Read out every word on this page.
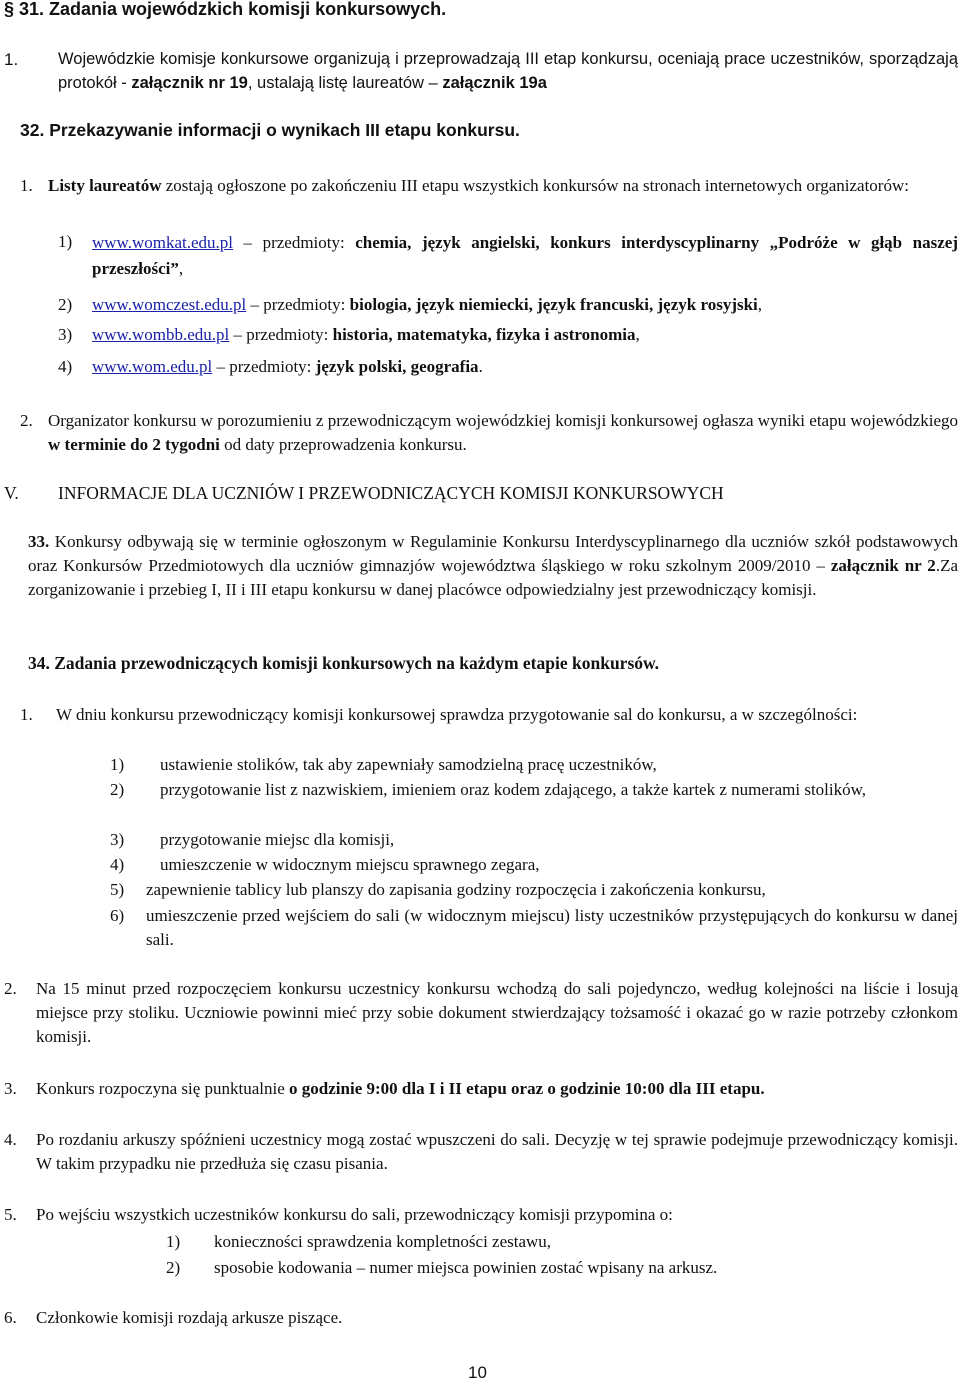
§ 31. Zadania wojewódzkich komisji konkursowych.
1. Wojewódzkie komisje konkursowe organizują i przeprowadzają III etap konkursu, oceniają prace uczestników, sporządzają protokół - załącznik nr 19, ustalają listę laureatów – załącznik 19a
32. Przekazywanie informacji o wynikach III etapu konkursu.
1. Listy laureatów zostają ogłoszone po zakończeniu III etapu wszystkich konkursów na stronach internetowych organizatorów:
1) www.womkat.edu.pl – przedmioty: chemia, język angielski, konkurs interdyscyplinarny „Podróże w głąb naszej przeszłości”,
2) www.womczest.edu.pl – przedmioty: biologia, język niemiecki, język francuski, język rosyjski,
3) www.wombb.edu.pl – przedmioty: historia, matematyka, fizyka i astronomia,
4) www.wom.edu.pl – przedmioty: język polski, geografia.
2. Organizator konkursu w porozumieniu z przewodniczącym wojewódzkiej komisji konkursowej ogłasza wyniki etapu wojewódzkiego w terminie do 2 tygodni od daty przeprowadzenia konkursu.
V. INFORMACJE DLA UCZNIÓW I PRZEWODNICZĄCYCH KOMISJI KONKURSOWYCH
33. Konkursy odbywają się w terminie ogłoszonym w Regulaminie Konkursu Interdyscyplinarnego dla uczniów szkół podstawowych oraz Konkursów Przedmiotowych dla uczniów gimnazjów województwa śląskiego w roku szkolnym 2009/2010 – załącznik nr 2.Za zorganizowanie i przebieg I, II i III etapu konkursu w danej placówce odpowiedzialny jest przewodniczący komisji.
34. Zadania przewodniczących komisji konkursowych na każdym etapie konkursów.
1. W dniu konkursu przewodniczący komisji konkursowej sprawdza przygotowanie sal do konkursu, a w szczególności:
1) ustawienie stolików, tak aby zapewniały samodzielną pracę uczestników,
2) przygotowanie list z nazwiskiem, imieniem oraz kodem zdającego, a także kartek z numerami stolików,
3) przygotowanie miejsc dla komisji,
4) umieszczenie w widocznym miejscu sprawnego zegara,
5) zapewnienie tablicy lub planszy do zapisania godziny rozpoczęcia i zakończenia konkursu,
6) umieszczenie przed wejściem do sali (w widocznym miejscu) listy uczestników przystępujących do konkursu w danej sali.
2. Na 15 minut przed rozpoczęciem konkursu uczestnicy konkursu wchodzą do sali pojedynczo, według kolejności na liście i losują miejsce przy stoliku. Uczniowie powinni mieć przy sobie dokument stwierdzający tożsamość i okazać go w razie potrzeby członkom komisji.
3. Konkurs rozpoczyna się punktualnie o godzinie 9:00 dla I i II etapu oraz o godzinie 10:00 dla III etapu.
4. Po rozdaniu arkuszy spóźnieni uczestnicy mogą zostać wpuszczeni do sali. Decyzję w tej sprawie podejmuje przewodniczący komisji. W takim przypadku nie przedłuża się czasu pisania.
5. Po wejściu wszystkich uczestników konkursu do sali, przewodniczący komisji przypomina o:
1) konieczności sprawdzenia kompletności zestawu,
2) sposobie kodowania – numer miejsca powinien zostać wpisany na arkusz.
6. Członkowie komisji rozdają arkusze piszące.
10
